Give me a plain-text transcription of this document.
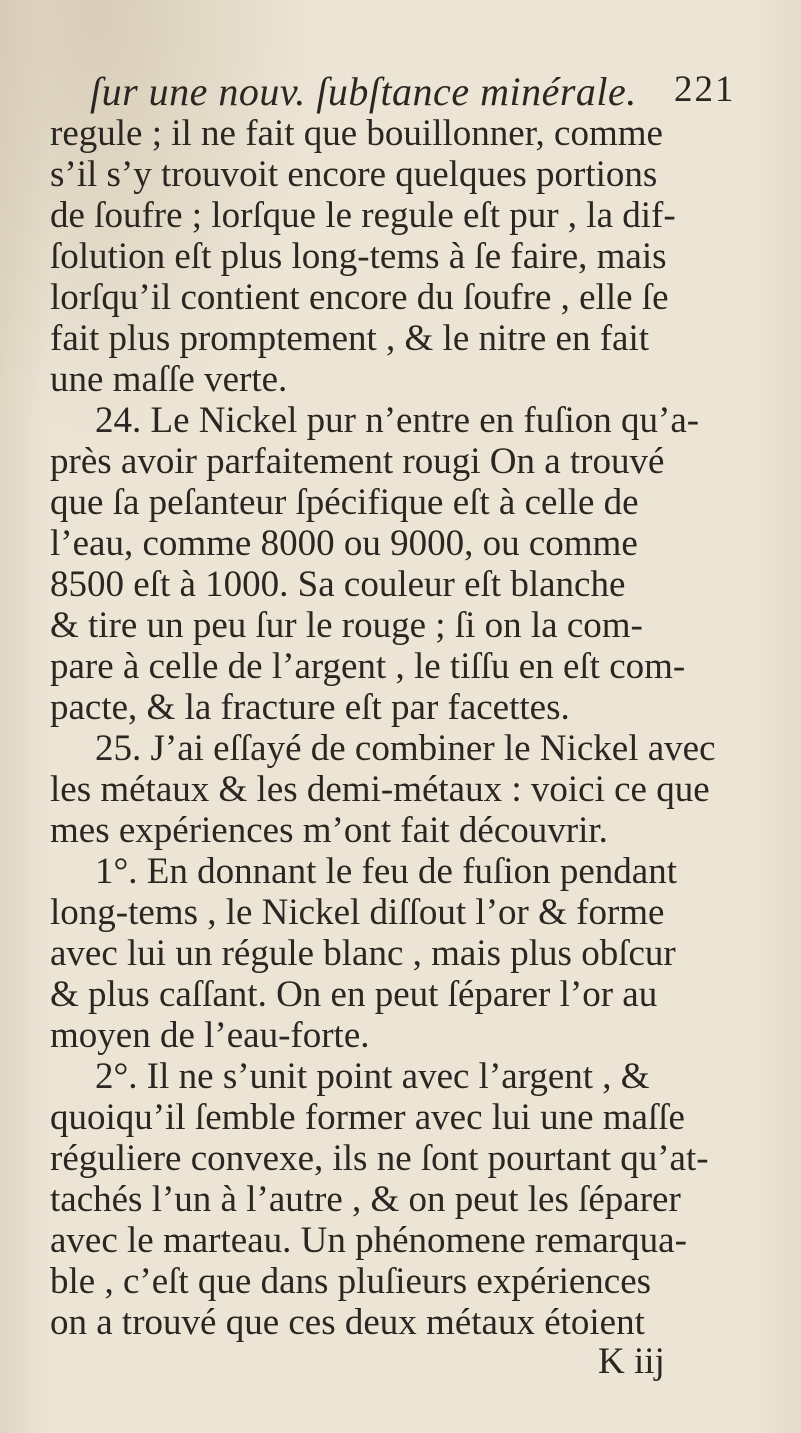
ſur une nouv. ſubſtance minérale. 221
regule ; il ne fait que bouillonner, comme
s’il s’y trouvoit encore quelques portions
de ſoufre ; lorſque le regule eſt pur , la dif-
ſolution eſt plus long-tems à ſe faire, mais
lorſqu’il contient encore du ſoufre , elle ſe
fait plus promptement , & le nitre en fait
une maſſe verte.
24. Le Nickel pur n’entre en fuſion qu’a-
près avoir parfaitement rougi On a trouvé
que ſa peſanteur ſpécifique eſt à celle de
l’eau, comme 8000 ou 9000, ou comme
8500 eſt à 1000. Sa couleur eſt blanche
& tire un peu ſur le rouge ; ſi on la com-
pare à celle de l’argent , le tiſſu en eſt com-
pacte, & la fracture eſt par facettes.
25. J’ai eſſayé de combiner le Nickel avec
les métaux & les demi-métaux : voici ce que
mes expériences m’ont fait découvrir.
1°. En donnant le feu de fuſion pendant
long-tems , le Nickel diſſout l’or & forme
avec lui un régule blanc , mais plus obſcur
& plus caſſant. On en peut ſéparer l’or au
moyen de l’eau-forte.
2°. Il ne s’unit point avec l’argent , &
quoiqu’il ſemble former avec lui une maſſe
réguliere convexe, ils ne ſont pourtant qu’at-
tachés l’un à l’autre , & on peut les ſéparer
avec le marteau. Un phénomene remarqua-
ble , c’eſt que dans pluſieurs expériences
on a trouvé que ces deux métaux étoient
K iij
